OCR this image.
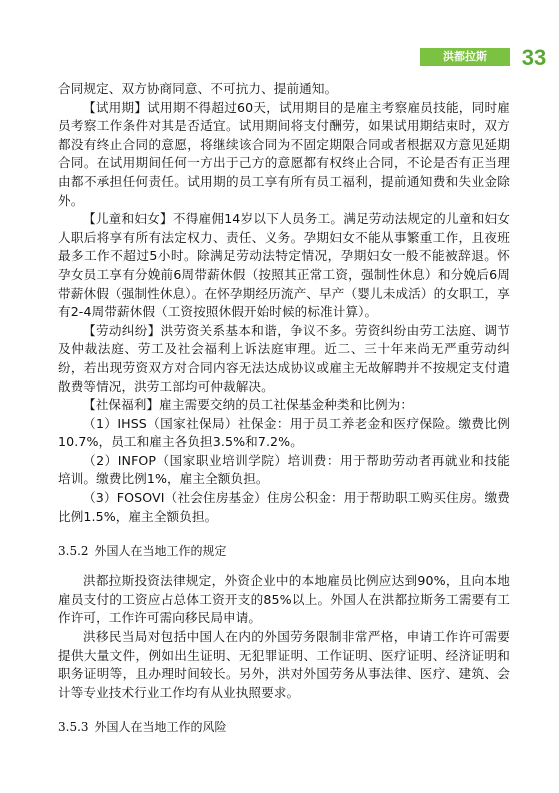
洪都拉斯	33

合同规定、双方协商同意、不可抗力、提前通知。

【试用期】试用期不得超过60天，试用期目的是雇主考察雇员技能，同时雇员考察工作条件对其是否适宜。试用期间将支付酬劳，如果试用期结束时，双方都没有终止合同的意愿，将继续该合同为不固定期限合同或者根据双方意见延期合同。在试用期间任何一方出于己方的意愿都有权终止合同，不论是否有正当理由都不承担任何责任。试用期的员工享有所有员工福利，提前通知费和失业金除外。

【儿童和妇女】不得雇佣14岁以下人员务工。满足劳动法规定的儿童和妇女人职后将享有所有法定权力、责任、义务。孕期妇女不能从事繁重工作，且夜班最多工作不超过5小时。除满足劳动法特定情况，孕期妇女一般不能被辞退。怀孕女员工享有分娩前6周带薪休假（按照其正常工资，强制性休息）和分娩后6周带薪休假（强制性休息）。在怀孕期经历流产、早产（婴儿未成活）的女职工，享有2-4周带薪休假（工资按照休假开始时候的标准计算）。

【劳动纠纷】洪劳资关系基本和谐，争议不多。劳资纠纷由劳工法庭、调节及仲裁法庭、劳工及社会福利上诉法庭审理。近二、三十年来尚无严重劳动纠纷，若出现劳资双方对合同内容无法达成协议或雇主无故解聘并不按规定支付遣散费等情况，洪劳工部均可仲裁解决。

【社保福利】雇主需要交纳的员工社保基金种类和比例为：

（1）IHSS（国家社保局）社保金：用于员工养老金和医疗保险。缴费比例10.7%，员工和雇主各负担3.5%和7.2%。

（2）INFOP（国家职业培训学院）培训费：用于帮助劳动者再就业和技能培训。缴费比例1%，雇主全额负担。

（3）FOSOVI（社会住房基金）住房公积金：用于帮助职工购买住房。缴费比例1.5%，雇主全额负担。

3.5.2 外国人在当地工作的规定

洪都拉斯投资法律规定，外资企业中的本地雇员比例应达到90%，且向本地雇员支付的工资应占总体工资开支的85%以上。外国人在洪都拉斯务工需要有工作许可，工作许可需向移民局申请。

洪移民当局对包括中国人在内的外国劳务限制非常严格，申请工作许可需要提供大量文件，例如出生证明、无犯罪证明、工作证明、医疗证明、经济证明和职务证明等，且办理时间较长。另外，洪对外国劳务从事法律、医疗、建筑、会计等专业技术行业工作均有从业执照要求。

3.5.3 外国人在当地工作的风险
